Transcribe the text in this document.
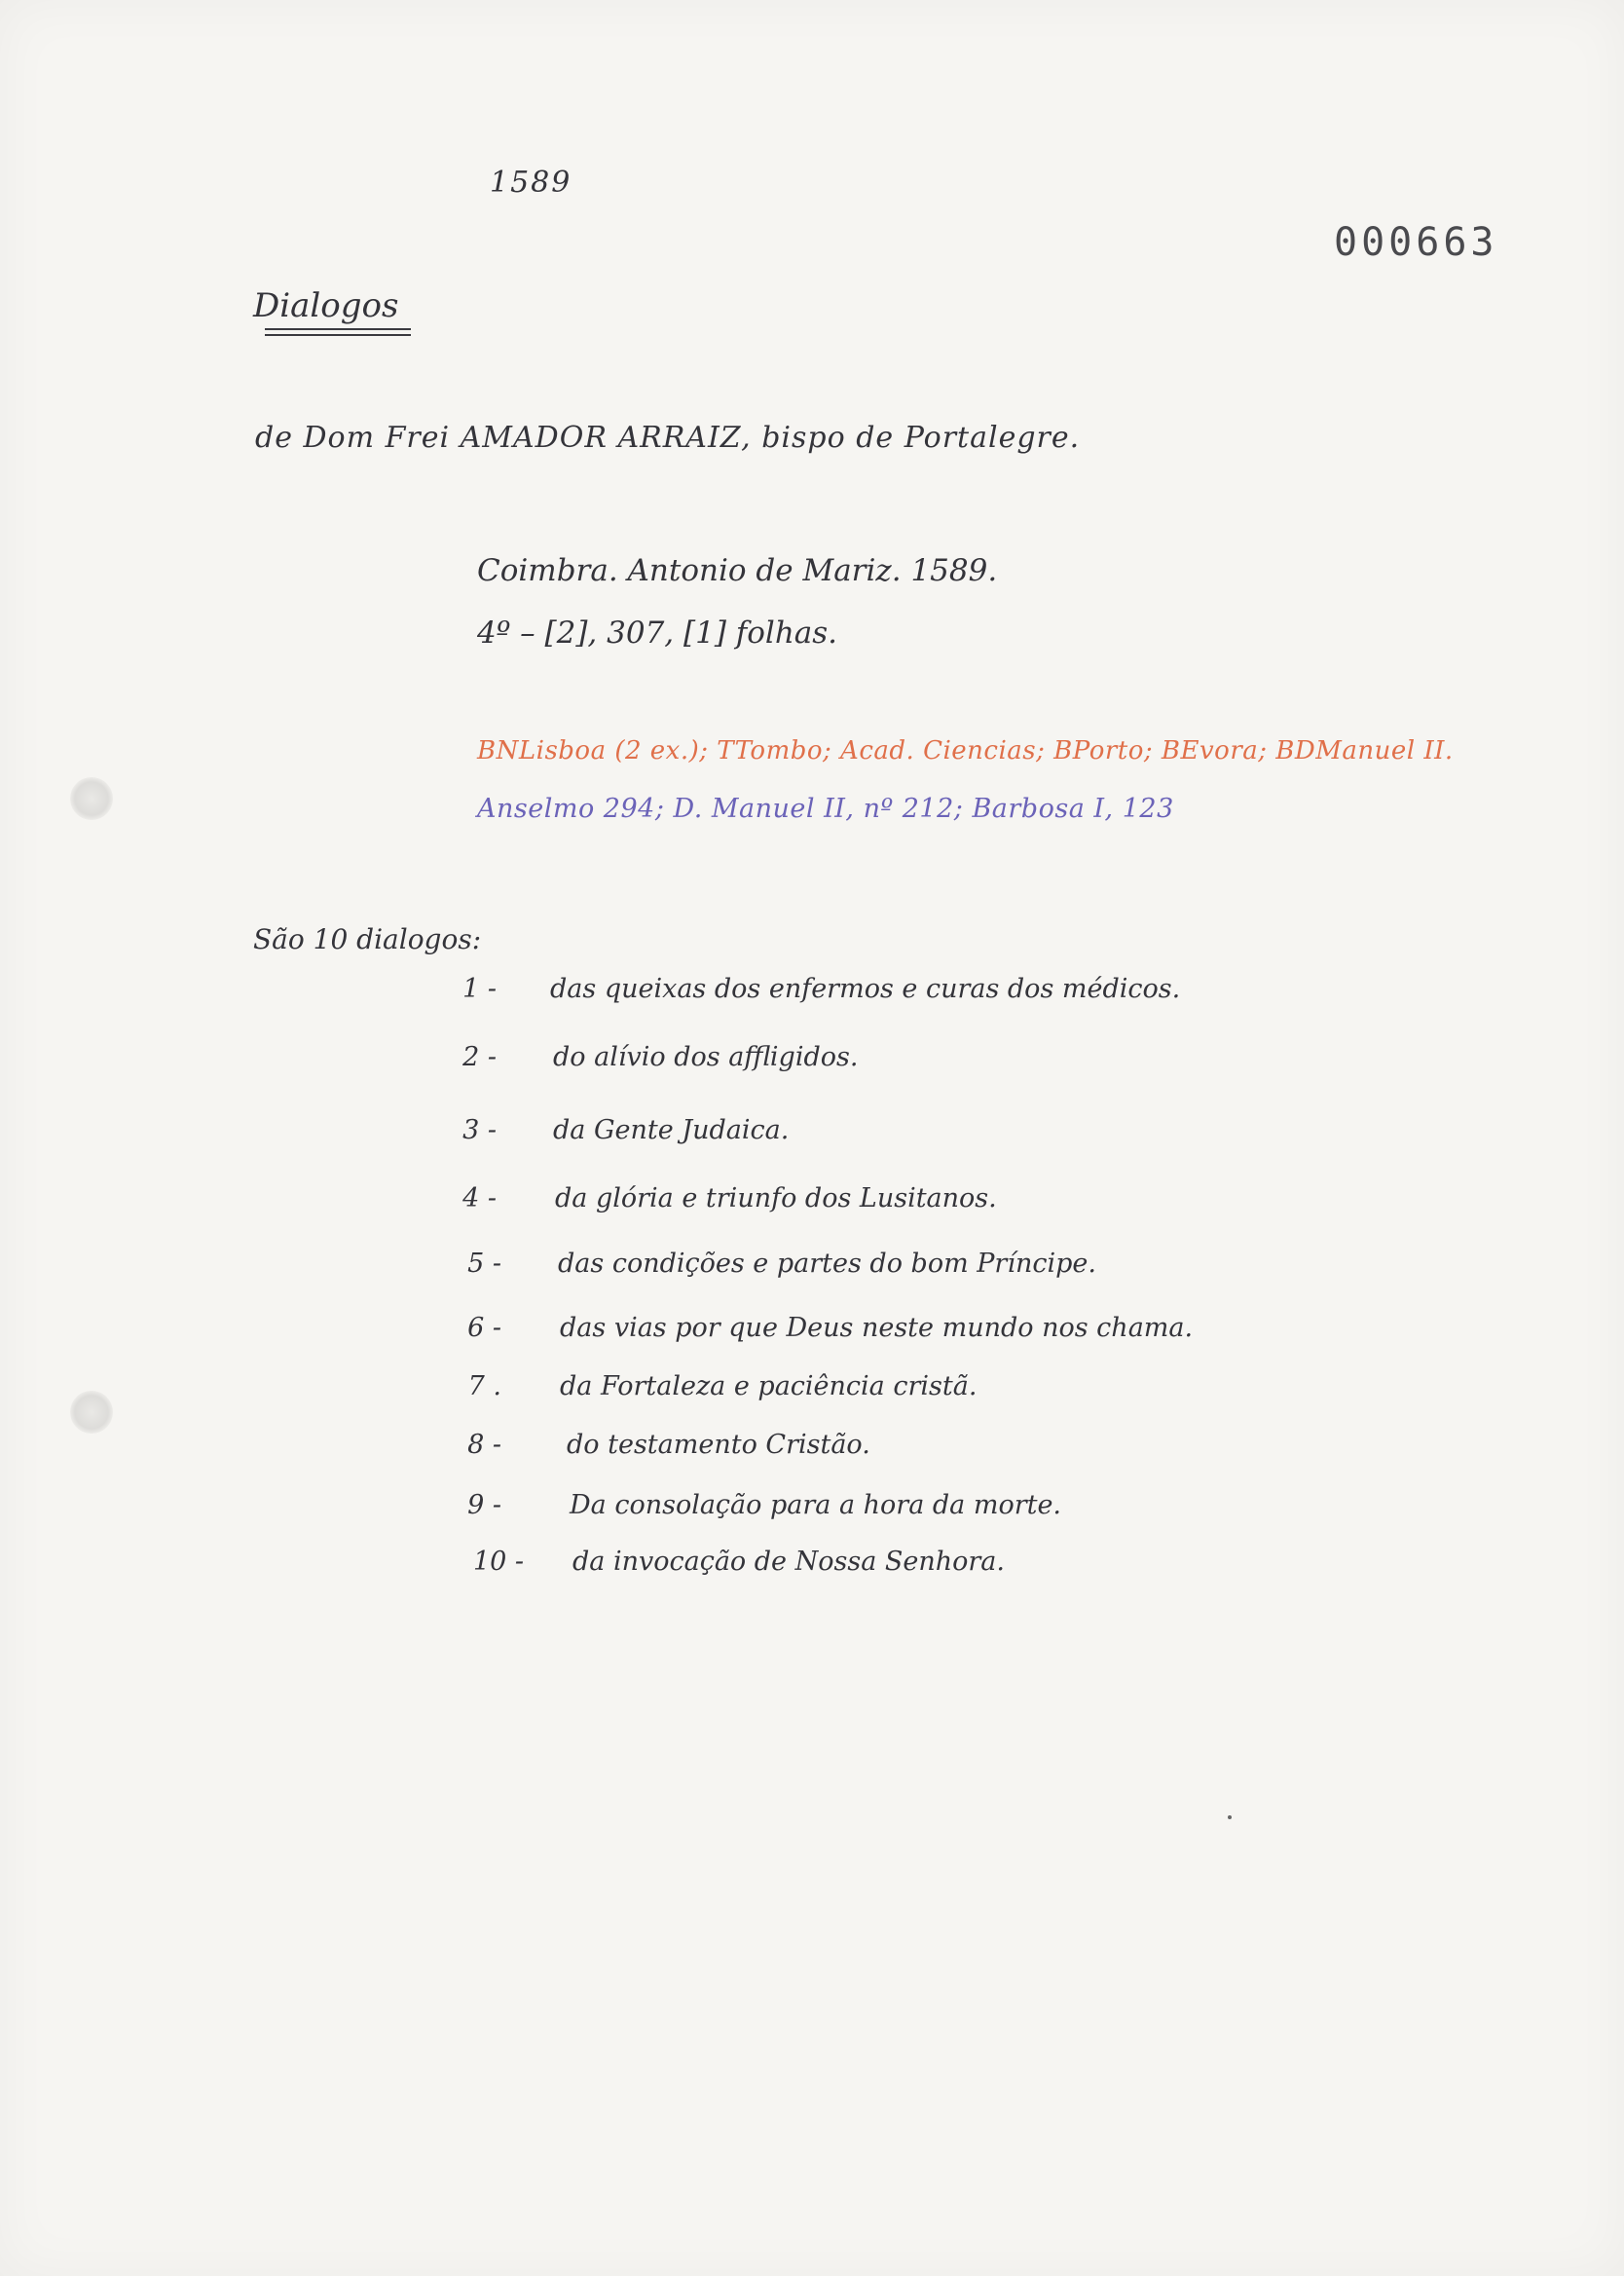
1589
000663
Dialogos
de Dom Frei AMADOR ARRAIZ, bispo de Portalegre.
Coimbra. Antonio de Mariz. 1589.
4º – [2], 307, [1] folhas.
BNLisboa (2 ex.); TTombo; Acad. Ciencias; BPorto; BEvora; BDManuel II.
Anselmo 294; D. Manuel II, nº 212; Barbosa I, 123
São 10 dialogos:
1 - das queixas dos enfermos e curas dos médicos.
2 - do alívio dos affligidos.
3 - da Gente Judaica.
4 - da glória e triunfo dos Lusitanos.
5 - das condições e partes do bom Príncipe.
6 - das vias por que Deus neste mundo nos chama.
7 . da Fortaleza e paciência cristã.
8 - do testamento Cristão.
9 -	Da consolação para a hora da morte.
10 - da invocação de Nossa Senhora.
